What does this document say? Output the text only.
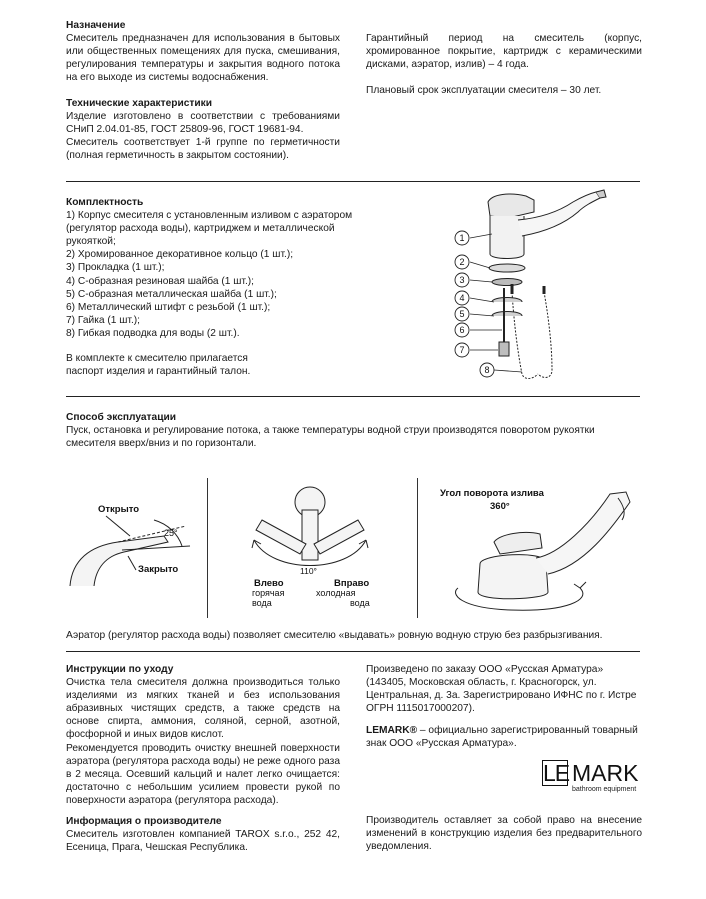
Назначение

Смеситель предназначен для использования в бытовых или общественных помещениях для пуска, смешивания, регулирования температуры и закрытия водного потока на его выходе из системы водоснабжения.

Гарантийный период на смеситель (корпус, хромированное покрытие, картридж с керамическими дисками, аэратор, излив) – 4 года.

Плановый срок эксплуатации смесителя – 30 лет.

Технические характеристики

Изделие изготовлено в соответствии с требованиями СНиП 2.04.01-85, ГОСТ 25809-96, ГОСТ 19681-94.

Смеситель соответствует 1-й группе по герметичности (полная герметичность в закрытом состоянии).

Комплектность
1) Корпус смесителя с установленным изливом с аэратором
(регулятор расхода воды), картриджем и металлической
рукояткой;
2) Хромированное декоративное кольцо (1 шт.);
3) Прокладка (1 шт.);
4) С-образная резиновая шайба (1 шт.);
5) С-образная металлическая шайба (1 шт.);
6) Металлический штифт с резьбой (1 шт.);
7) Гайка (1 шт.);
8) Гибкая подводка для воды (2 шт.).

В комплекте к смесителю прилагается паспорт изделия и гарантийный талон.

1
2
3
4
5
6
7
8
Способ эксплуатации

Пуск, остановка и регулирование потока, а также температуры водной струи производятся поворотом рукоятки смесителя вверх/вниз и по горизонтали.

Открыто
25°
Закрыто	110°
Влево
горячая
вода
Вправо
холодная
вода
Угол поворота излива
360°
Аэратор (регулятор расхода воды) позволяет смесителю «выдавать» ровную водную струю без разбрызгивания.
Инструкции по уходу

Очистка тела смесителя должна производиться только изделиями из мягких тканей и без использования абразивных чистящих средств, а также средств на основе спирта, аммония, соляной, серной, азотной, фосфорной и иных видов кислот.

Рекомендуется проводить очистку внешней поверхности аэратора (регулятора расхода воды) не реже одного раза в 2 месяца. Осевший кальций и налет легко очищается: достаточно с небольшим усилием провести рукой по поверхности аэратора (регулятора расхода).

Информация о производителе

Смеситель изготовлен компанией TAROX s.r.o., 252 42, Есеница, Прага, Чешская Республика.

Произведено по заказу ООО «Русская Арматура» (143405, Московская область, г. Красногорск, ул. Центральная, д. 3а. Зарегистрировано ИФНС по г. Истре ОГРН 1115017000207).

LEMARK® – официально зарегистрированный товарный знак ООО «Русская Арматура».

LE MARK
bathroom equipment

Производитель оставляет за собой право на внесение изменений в конструкцию изделия без предварительного уведомления.
